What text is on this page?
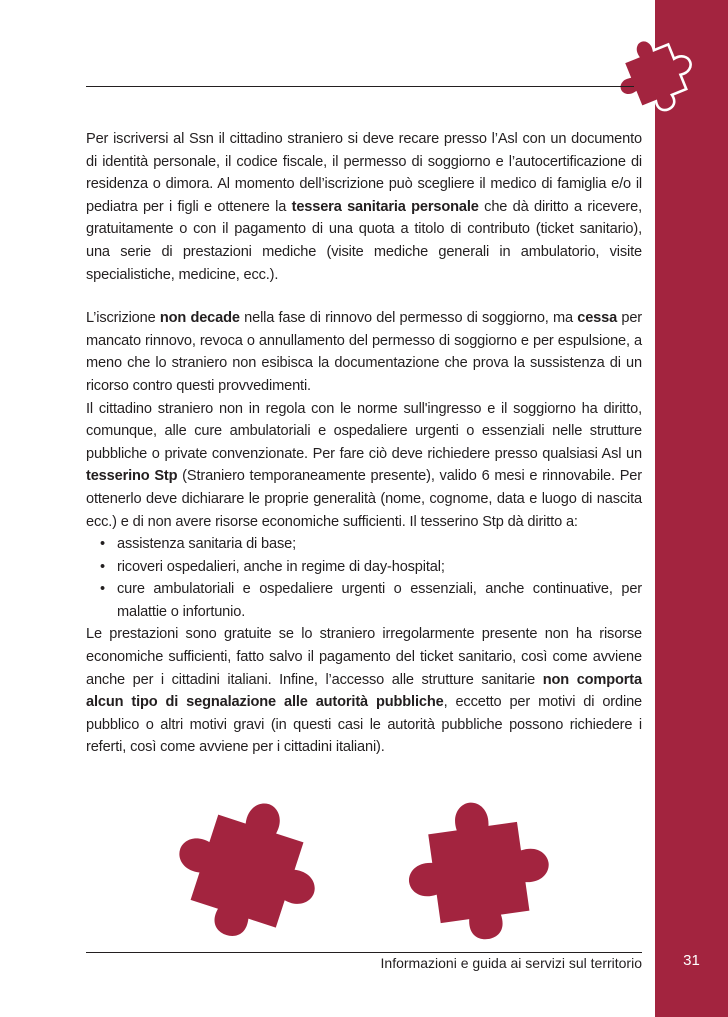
Per iscriversi al Ssn il cittadino straniero si deve recare presso l’Asl con un documento di identità personale, il codice fiscale, il permesso di soggiorno e l’autocertificazione di residenza o dimora. Al momento dell’iscrizione può scegliere il medico di famiglia e/o il pediatra per i figli e ottenere la tessera sanitaria personale che dà diritto a ricevere, gratuitamente o con il pagamento di una quota a titolo di contributo (ticket sanitario), una serie di prestazioni mediche (visite mediche generali in ambulatorio, visite specialistiche, medicine, ecc.).

L’iscrizione non decade nella fase di rinnovo del permesso di soggiorno, ma cessa per mancato rinnovo, revoca o annullamento del permesso di soggiorno e per espulsione, a meno che lo straniero non esibisca la documentazione che prova la sussistenza di un ricorso contro questi provvedimenti.

Il cittadino straniero non in regola con le norme sull'ingresso e il soggiorno ha diritto, comunque, alle cure ambulatoriali e ospedaliere urgenti o essenziali nelle strutture pubbliche o private convenzionate. Per fare ciò deve richiedere presso qualsiasi Asl un tesserino Stp (Straniero temporaneamente presente), valido 6 mesi e rinnovabile. Per ottenerlo deve dichiarare le proprie generalità (nome, cognome, data e luogo di nascita ecc.) e di non avere risorse economiche sufficienti. Il tesserino Stp dà diritto a:

• assistenza sanitaria di base;
• ricoveri ospedalieri, anche in regime di day-hospital;
• cure ambulatoriali e ospedaliere urgenti o essenziali, anche continuative, per malattie o infortunio.

Le prestazioni sono gratuite se lo straniero irregolarmente presente non ha risorse economiche sufficienti, fatto salvo il pagamento del ticket sanitario, così come avviene anche per i cittadini italiani. Infine, l’accesso alle strutture sanitarie non comporta alcun tipo di segnalazione alle autorità pubbliche, eccetto per motivi di ordine pubblico o altri motivi gravi (in questi casi le autorità pubbliche possono richiedere i referti, così come avviene per i cittadini italiani).

Informazioni e guida ai servizi sul territorio	31
